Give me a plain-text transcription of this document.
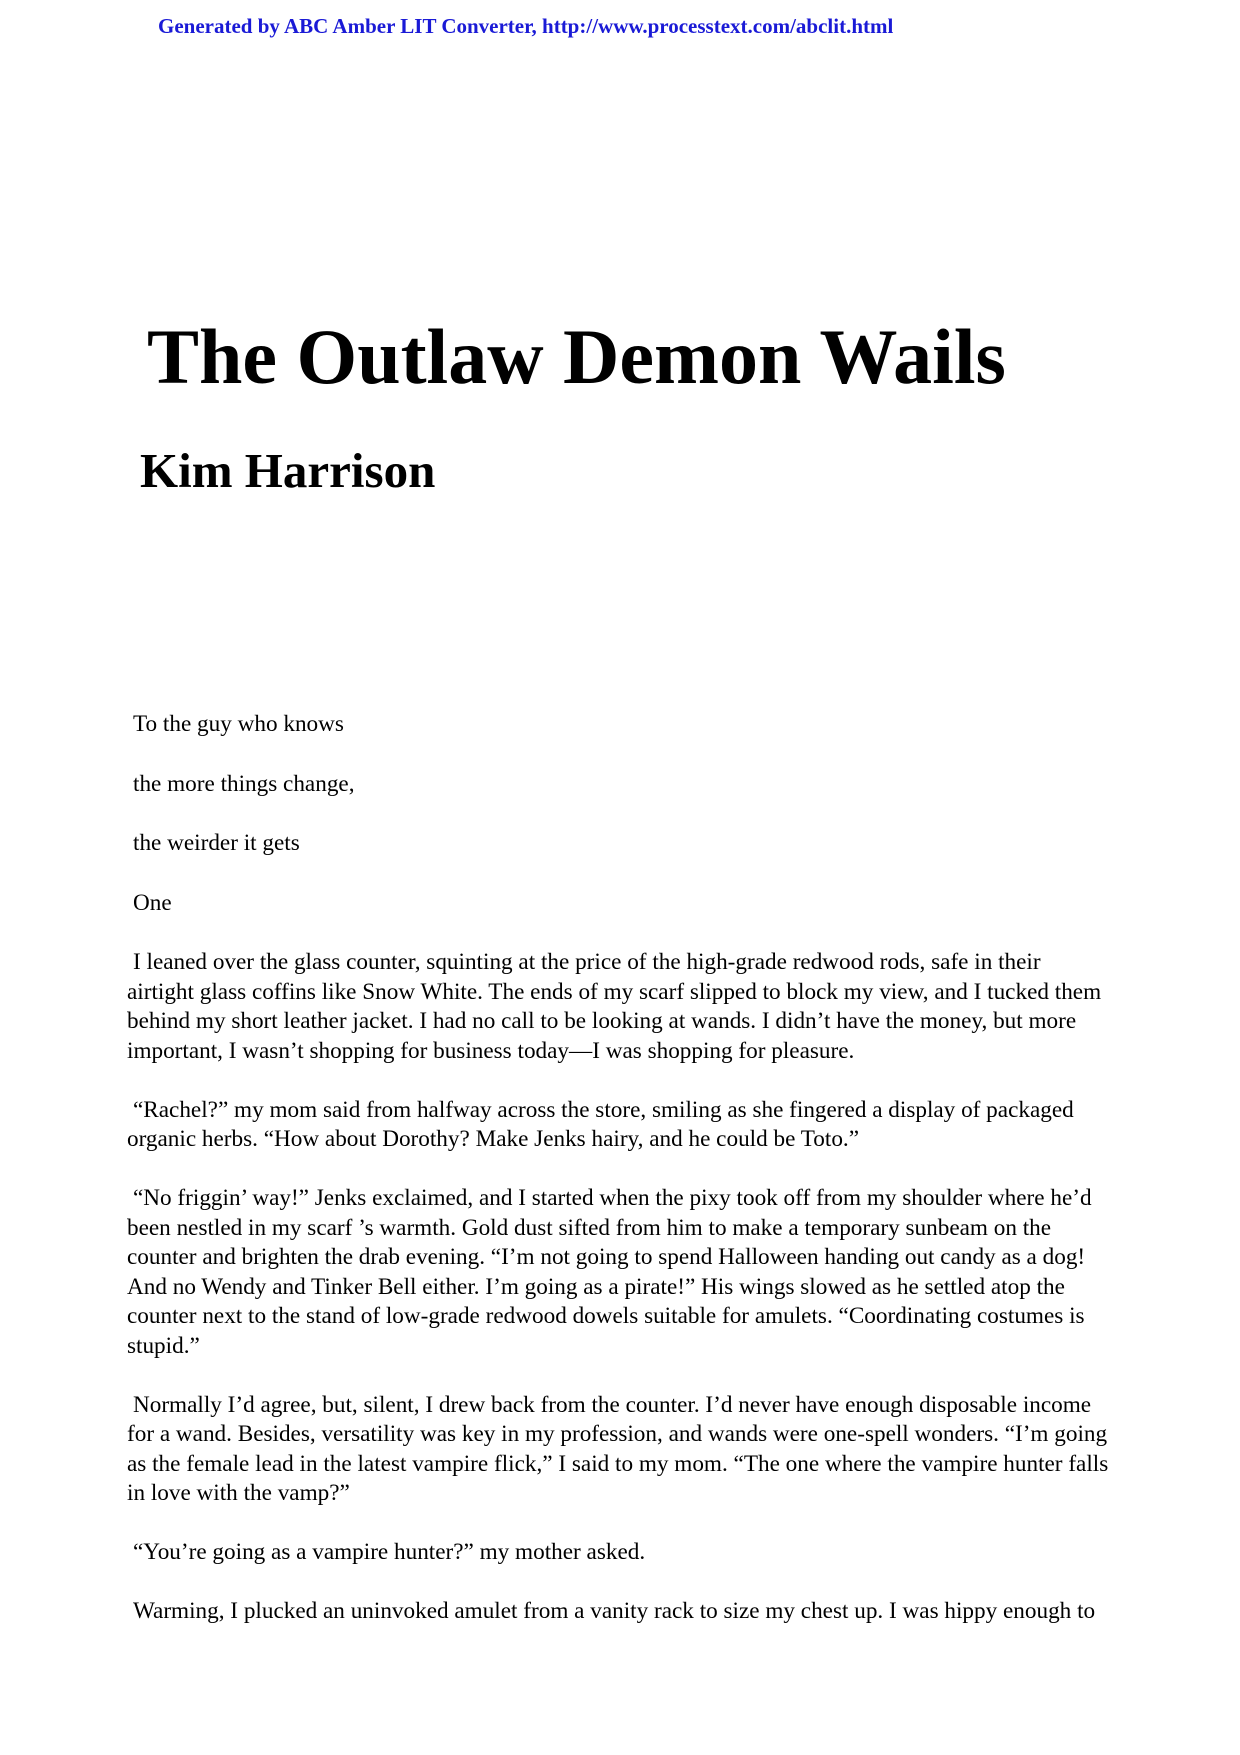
Generated by ABC Amber LIT Converter, http://www.processtext.com/abclit.html
The Outlaw Demon Wails
Kim Harrison

To the guy who knows

the more things change,

the weirder it gets

One

I leaned over the glass counter, squinting at the price of the high-grade redwood rods, safe in their airtight glass coffins like Snow White. The ends of my scarf slipped to block my view, and I tucked them behind my short leather jacket. I had no call to be looking at wands. I didn’t have the money, but more important, I wasn’t shopping for business today—I was shopping for pleasure.

“Rachel?” my mom said from halfway across the store, smiling as she fingered a display of packaged organic herbs. “How about Dorothy? Make Jenks hairy, and he could be Toto.”

“No friggin’ way!” Jenks exclaimed, and I started when the pixy took off from my shoulder where he’d been nestled in my scarf ’s warmth. Gold dust sifted from him to make a temporary sunbeam on the counter and brighten the drab evening. “I’m not going to spend Halloween handing out candy as a dog! And no Wendy and Tinker Bell either. I’m going as a pirate!” His wings slowed as he settled atop the counter next to the stand of low-grade redwood dowels suitable for amulets. “Coordinating costumes is stupid.”

Normally I’d agree, but, silent, I drew back from the counter. I’d never have enough disposable income for a wand. Besides, versatility was key in my profession, and wands were one-spell wonders. “I’m going as the female lead in the latest vampire flick,” I said to my mom. “The one where the vampire hunter falls in love with the vamp?”

“You’re going as a vampire hunter?” my mother asked.

Warming, I plucked an uninvoked amulet from a vanity rack to size my chest up. I was hippy enough to
